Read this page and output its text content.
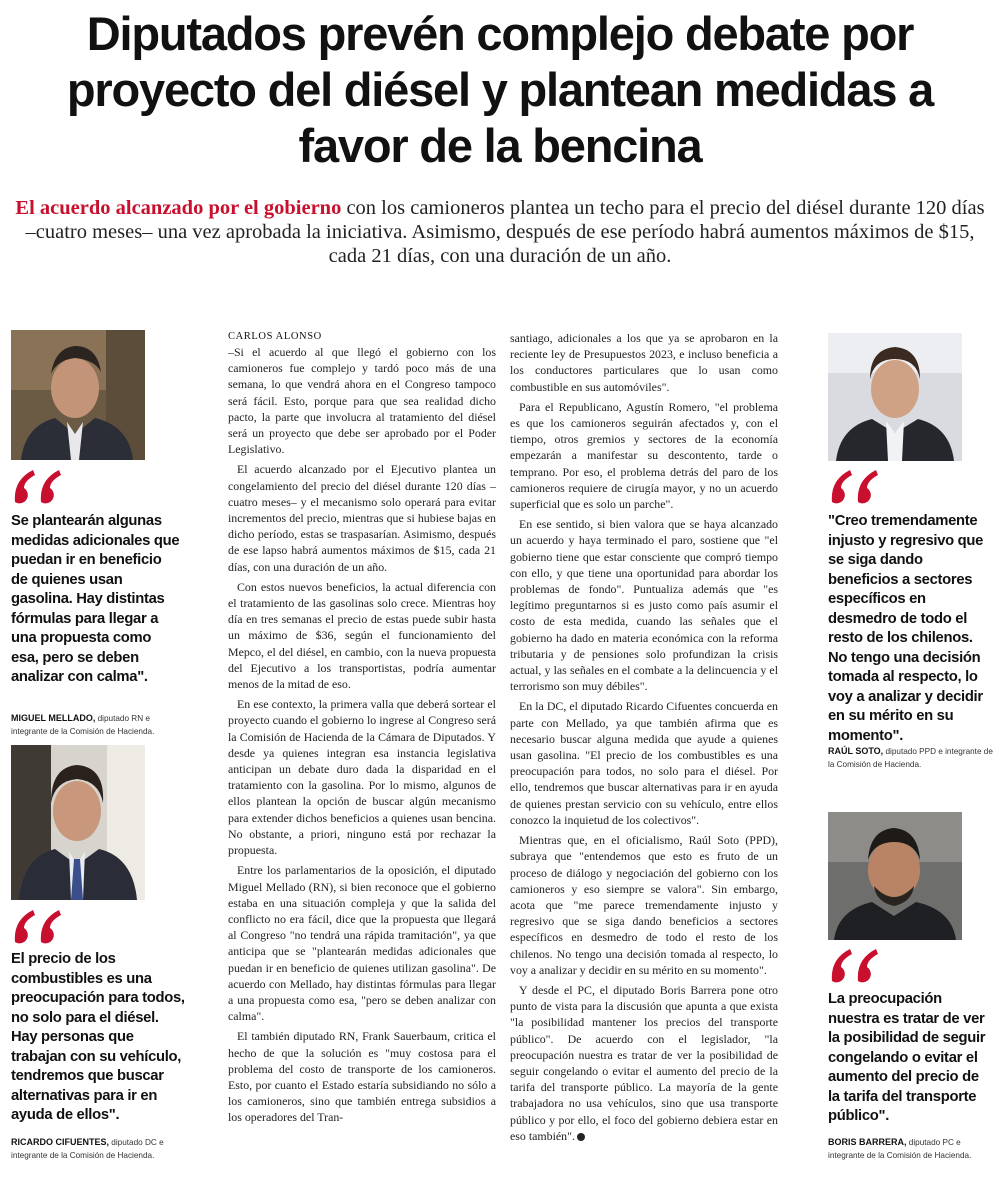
Diputados prevén complejo debate por proyecto del diésel y plantean medidas a favor de la bencina

El acuerdo alcanzado por el gobierno con los camioneros plantea un techo para el precio del diésel durante 120 días –cuatro meses– una vez aprobada la iniciativa. Asimismo, después de ese período habrá aumentos máximos de $15, cada 21 días, con una duración de un año.

Se plantearán algunas medidas adicionales que puedan ir en beneficio de quienes usan gasolina. Hay distintas fórmulas para llegar a una propuesta como esa, pero se deben analizar con calma".

MIGUEL MELLADO, diputado RN e integrante de la Comisión de Hacienda.

El precio de los combustibles es una preocupación para todos, no solo para el diésel. Hay personas que trabajan con su vehículo, tendremos que buscar alternativas para ir en ayuda de ellos".

RICARDO CIFUENTES, diputado DC e integrante de la Comisión de Hacienda.

CARLOS ALONSO

–Si el acuerdo al que llegó el gobierno con los camioneros fue complejo y tardó poco más de una semana, lo que vendrá ahora en el Congreso tampoco será fácil. Esto, porque para que sea realidad dicho pacto, la parte que involucra al tratamiento del diésel será un proyecto que debe ser aprobado por el Poder Legislativo.

El acuerdo alcanzado por el Ejecutivo plantea un congelamiento del precio del diésel durante 120 días –cuatro meses– y el mecanismo solo operará para evitar incrementos del precio, mientras que si hubiese bajas en dicho período, estas se traspasarían. Asimismo, después de ese lapso habrá aumentos máximos de $15, cada 21 días, con una duración de un año.

Con estos nuevos beneficios, la actual diferencia con el tratamiento de las gasolinas solo crece. Mientras hoy día en tres semanas el precio de estas puede subir hasta un máximo de $36, según el funcionamiento del Mepco, el del diésel, en cambio, con la nueva propuesta del Ejecutivo a los transportistas, podría aumentar menos de la mitad de eso.

En ese contexto, la primera valla que deberá sortear el proyecto cuando el gobierno lo ingrese al Congreso será la Comisión de Hacienda de la Cámara de Diputados. Y desde ya quienes integran esa instancia legislativa anticipan un debate duro dada la disparidad en el tratamiento con la gasolina. Por lo mismo, algunos de ellos plantean la opción de buscar algún mecanismo para extender dichos beneficios a quienes usan bencina. No obstante, a priori, ninguno está por rechazar la propuesta.

Entre los parlamentarios de la oposición, el diputado Miguel Mellado (RN), si bien reconoce que el gobierno estaba en una situación compleja y que la salida del conflicto no era fácil, dice que la propuesta que llegará al Congreso "no tendrá una rápida tramitación", ya que anticipa que se "plantearán medidas adicionales que puedan ir en beneficio de quienes utilizan gasolina". De acuerdo con Mellado, hay distintas fórmulas para llegar a una propuesta como esa, "pero se deben analizar con calma".

El también diputado RN, Frank Sauerbaum, critica el hecho de que la solución es "muy costosa para el problema del costo de transporte de los camioneros. Esto, por cuanto el Estado estaría subsidiando no sólo a los camioneros, sino que también entrega subsidios a los operadores del Tran-

santiago, adicionales a los que ya se aprobaron en la reciente ley de Presupuestos 2023, e incluso beneficia a los conductores particulares que lo usan como combustible en sus automóviles".

Para el Republicano, Agustín Romero, "el problema es que los camioneros seguirán afectados y, con el tiempo, otros gremios y sectores de la economía empezarán a manifestar su descontento, tarde o temprano. Por eso, el problema detrás del paro de los camioneros requiere de cirugía mayor, y no un acuerdo superficial que es solo un parche".

En ese sentido, si bien valora que se haya alcanzado un acuerdo y haya terminado el paro, sostiene que "el gobierno tiene que estar consciente que compró tiempo con ello, y que tiene una oportunidad para abordar los problemas de fondo". Puntualiza además que "es legítimo preguntarnos si es justo como país asumir el costo de esta medida, cuando las señales que el gobierno ha dado en materia económica con la reforma tributaria y de pensiones solo profundizan la crisis actual, y las señales en el combate a la delincuencia y el terrorismo son muy débiles".

En la DC, el diputado Ricardo Cifuentes concuerda en parte con Mellado, ya que también afirma que es necesario buscar alguna medida que ayude a quienes usan gasolina. "El precio de los combustibles es una preocupación para todos, no solo para el diésel. Por ello, tendremos que buscar alternativas para ir en ayuda de quienes prestan servicio con su vehículo, entre ellos conozco la inquietud de los colectivos".

Mientras que, en el oficialismo, Raúl Soto (PPD), subraya que "entendemos que esto es fruto de un proceso de diálogo y negociación del gobierno con los camioneros y eso siempre se valora". Sin embargo, acota que "me parece tremendamente injusto y regresivo que se siga dando beneficios a sectores específicos en desmedro de todo el resto de los chilenos. No tengo una decisión tomada al respecto, lo voy a analizar y decidir en su mérito en su momento".

Y desde el PC, el diputado Boris Barrera pone otro punto de vista para la discusión que apunta a que exista "la posibilidad mantener los precios del transporte público". De acuerdo con el legislador, "la preocupación nuestra es tratar de ver la posibilidad de seguir congelando o evitar el aumento del precio de la tarifa del transporte público. La mayoría de la gente trabajadora no usa vehículos, sino que usa transporte público y por ello, el foco del gobierno debiera estar en eso también".

"Creo tremendamente injusto y regresivo que se siga dando beneficios a sectores específicos en desmedro de todo el resto de los chilenos. No tengo una decisión tomada al respecto, lo voy a analizar y decidir en su mérito en su momento".

RAÚL SOTO, diputado PPD e integrante de la Comisión de Hacienda.

La preocupación nuestra es tratar de ver la posibilidad de seguir congelando o evitar el aumento del precio de la tarifa del transporte público".

BORIS BARRERA, diputado PC e integrante de la Comisión de Hacienda.
